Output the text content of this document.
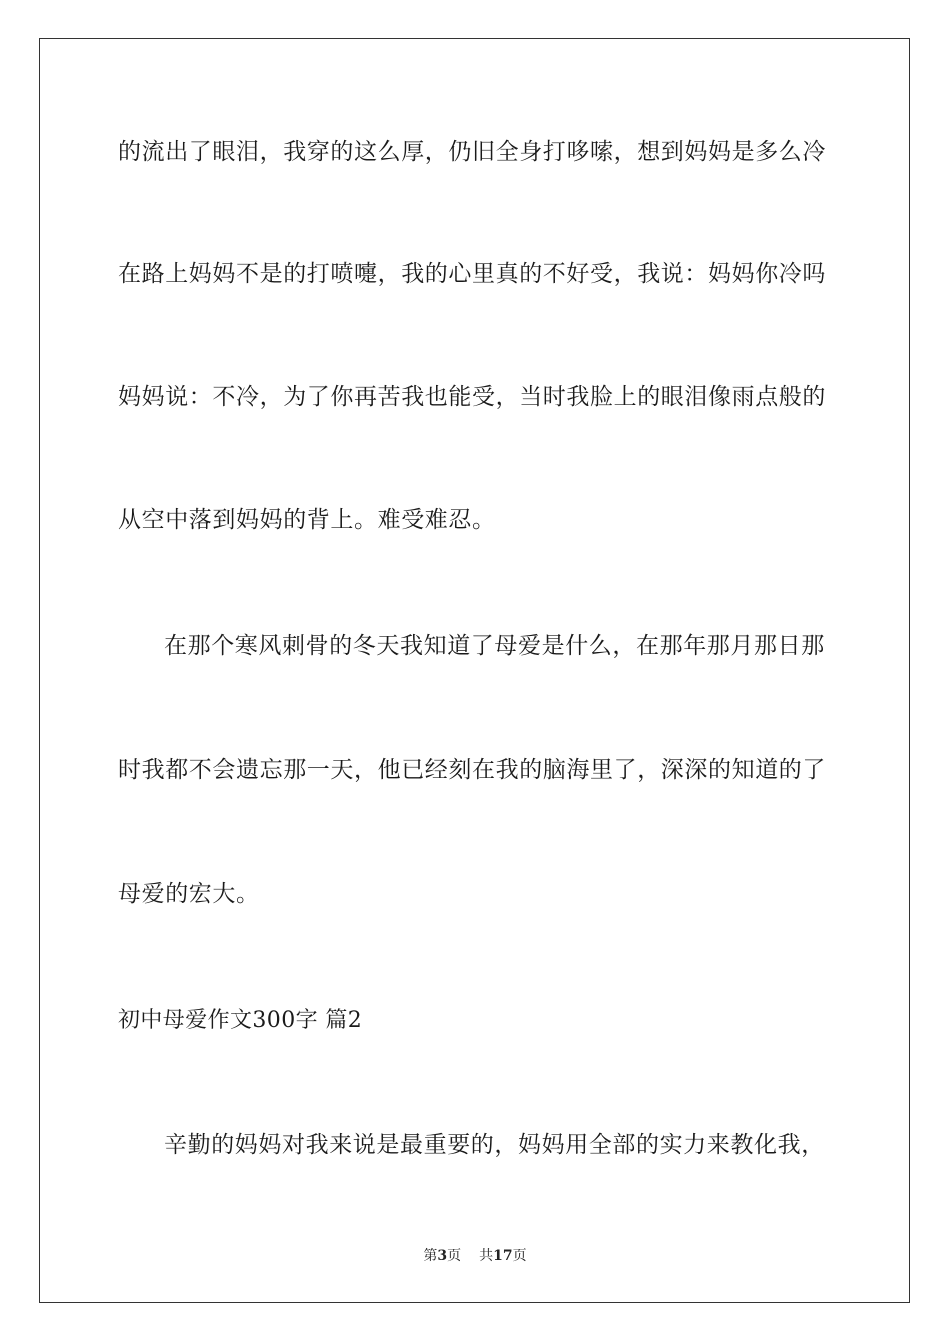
的流出了眼泪，我穿的这么厚，仍旧全身打哆嗦，想到妈妈是多么冷
在路上妈妈不是的打喷嚏，我的心里真的不好受，我说：妈妈你冷吗
妈妈说：不冷，为了你再苦我也能受，当时我脸上的眼泪像雨点般的
从空中落到妈妈的背上。难受难忍。
在那个寒风刺骨的冬天我知道了母爱是什么，在那年那月那日那
时我都不会遗忘那一天，他已经刻在我的脑海里了，深深的知道的了
母爱的宏大。
初中母爱作文300字 篇2
辛勤的妈妈对我来说是最重要的，妈妈用全部的实力来教化我，
第3页 共17页
